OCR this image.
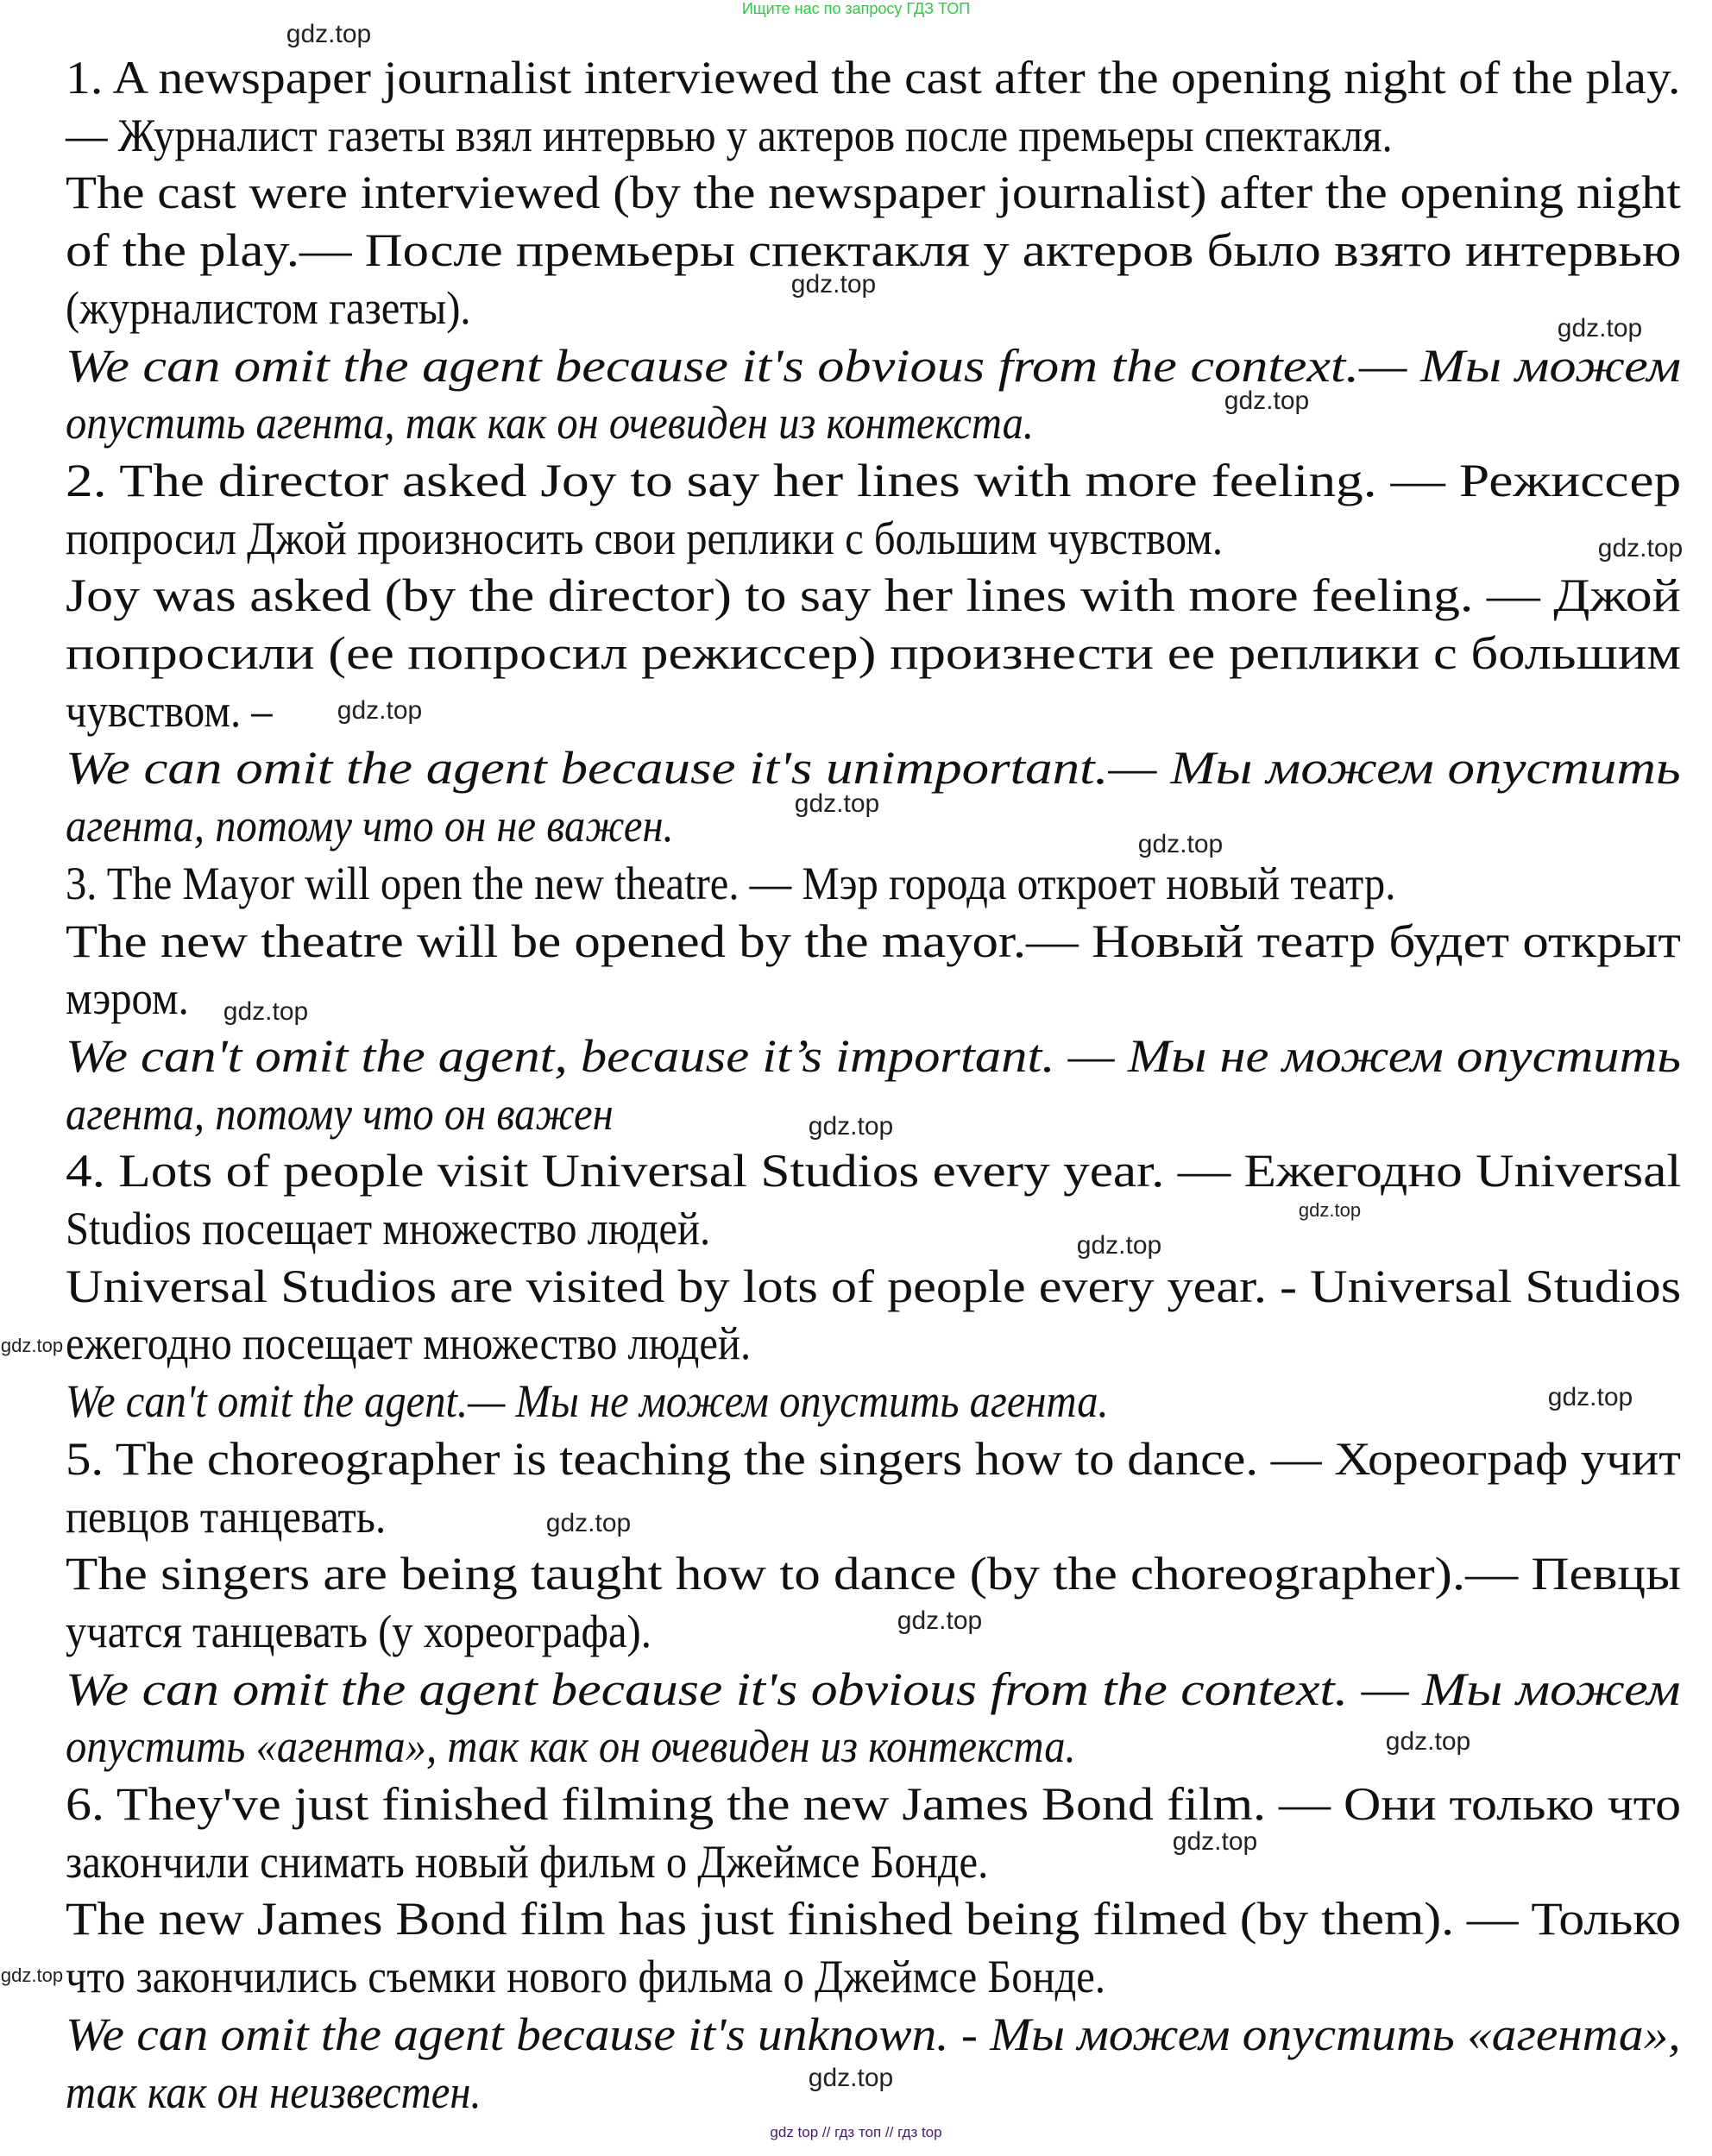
Ищите нас по запросу ГДЗ ТОП
1. A newspaper journalist interviewed the cast after the opening night of the play.
— Журналист газеты взял интервью у актеров после премьеры спектакля.
The cast were interviewed (by the newspaper journalist) after the opening night
of the play.— После премьеры спектакля у актеров было взято интервью
(журналистом газеты).
We can omit the agent because it's obvious from the context.— Мы можем
опустить агента, так как он очевиден из контекста.
2. The director asked Joy to say her lines with more feeling. — Режиссер
попросил Джой произносить свои реплики с большим чувством.
Joy was asked (by the director) to say her lines with more feeling. — Джой
попросили (ее попросил режиссер) произнести ее реплики с большим
чувством. –
We can omit the agent because it's unimportant.— Мы можем опустить
агента, потому что он не важен.
3. The Mayor will open the new theatre. — Мэр города откроет новый театр.
The new theatre will be opened by the mayor.— Новый театр будет открыт
мэром.
We can't omit the agent, because it’s important. — Мы не можем опустить
агента, потому что он важен
4. Lots of people visit Universal Studios every year. — Ежегодно Universal
Studios посещает множество людей.
Universal Studios are visited by lots of people every year. - Universal Studios
ежегодно посещает множество людей.
We can't omit the agent.— Мы не можем опустить агента.
5. The choreographer is teaching the singers how to dance. — Хореограф учит
певцов танцевать.
The singers are being taught how to dance (by the choreographer).— Певцы
учатся танцевать (у хореографа).
We can omit the agent because it's obvious from the context. — Мы можем
опустить «агента», так как он очевиден из контекста.
6. They've just finished filming the new James Bond film. — Они только что
закончили снимать новый фильм о Джеймсе Бонде.
The new James Bond film has just finished being filmed (by them). — Только
что закончились съемки нового фильма о Джеймсе Бонде.
We can omit the agent because it's unknown. - Мы можем опустить «агента»,
так как он неизвестен.
gdz.top
gdz.top
gdz.top
gdz.top
gdz.top
gdz.top
gdz.top
gdz.top
gdz.top
gdz.top
gdz.top
gdz.top
gdz.top
gdz.top
gdz.top
gdz.top
gdz.top
gdz.top
gdz.top
gdz.top
gdz top // гдз топ // гдз top
